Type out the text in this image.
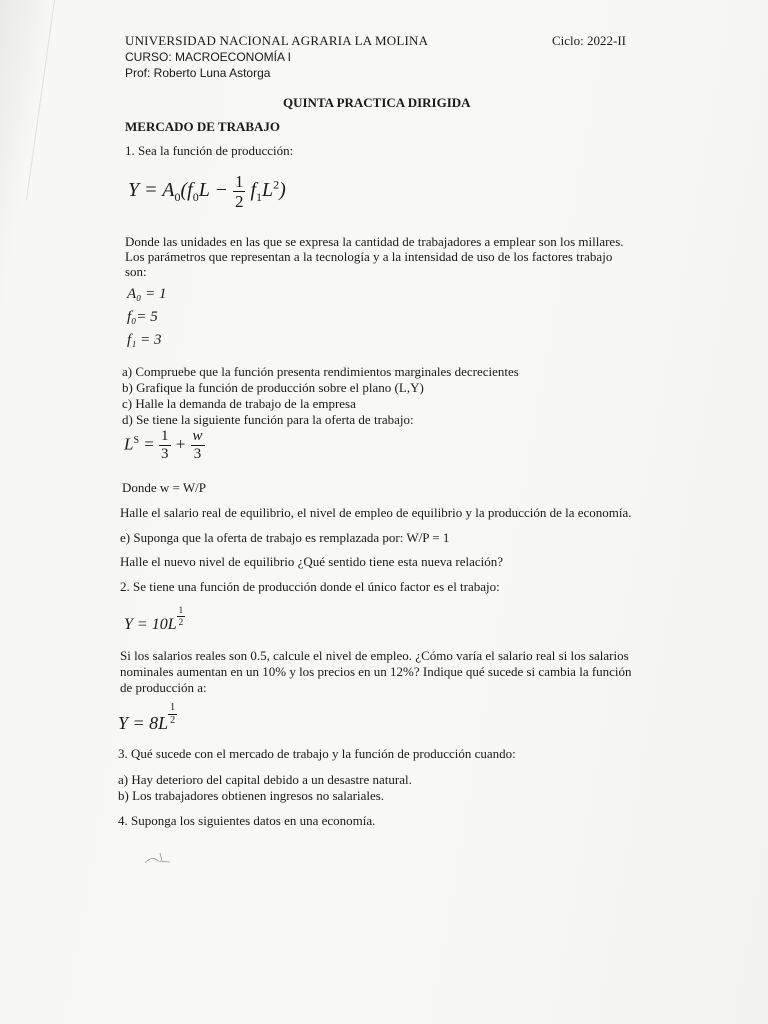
UNIVERSIDAD NACIONAL AGRARIA LA MOLINA	Ciclo: 2022-II
CURSO: MACROECONOMÍA I
Prof: Roberto Luna Astorga
QUINTA PRACTICA DIRIGIDA
MERCADO DE TRABAJO
1. Sea la función de producción:
$Y = A_0(f_0L - \frac{1}{2} f_1L^2)$
Donde las unidades en las que se expresa la cantidad de trabajadores a emplear son los millares.
Los parámetros que representan a la tecnología y a la intensidad de uso de los factores trabajo
son:
A₀ = 1
f₀= 5
f₁ = 3
a) Compruebe que la función presenta rendimientos marginales decrecientes
b) Grafique la función de producción sobre el plano (L,Y)
c) Halle la demanda de trabajo de la empresa
d) Se tiene la siguiente función para la oferta de trabajo:
$L^S = \frac{1}{3} + \frac{w}{3}$
Donde w = W/P
Halle el salario real de equilibrio, el nivel de empleo de equilibrio y la producción de la economía.
e) Suponga que la oferta de trabajo es remplazada por: W/P = 1
Halle el nuevo nivel de equilibrio ¿Qué sentido tiene esta nueva relación?
2. Se tiene una función de producción donde el único factor es el trabajo:
Y = 10L $^{\frac{1}{2}}$
Si los salarios reales son 0.5, calcule el nivel de empleo. ¿Cómo varía el salario real si los salarios
nominales aumentan en un 10% y los precios en un 12%? Indique qué sucede si cambia la función
de producción a:
Y = 8L $^{\frac{1}{2}}$
3. Qué sucede con el mercado de trabajo y la función de producción cuando:
a) Hay deterioro del capital debido a un desastre natural.
b) Los trabajadores obtienen ingresos no salariales.
4. Suponga los siguientes datos en una economía.
